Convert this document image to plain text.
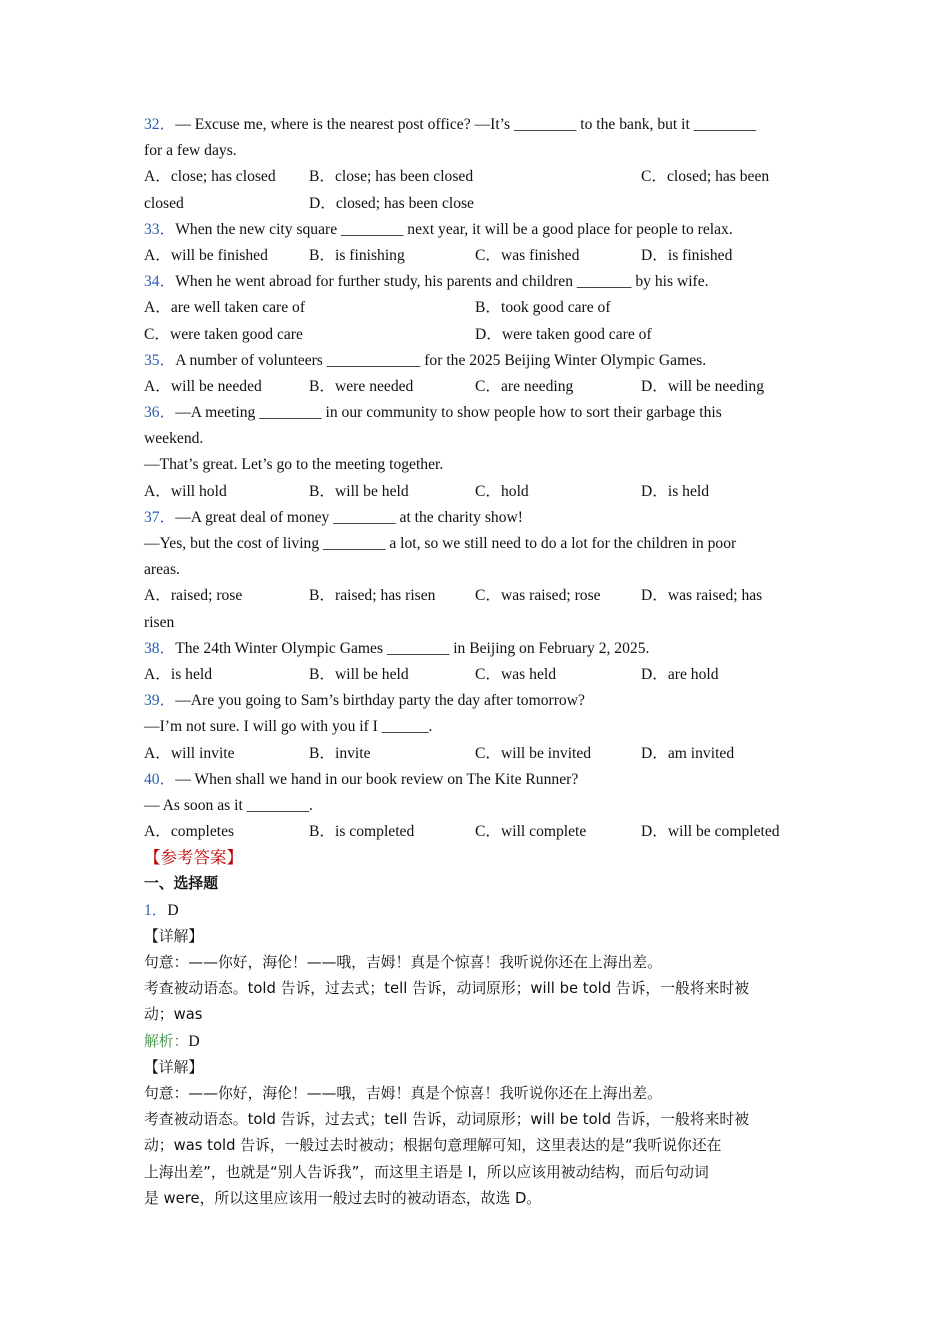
32．— Excuse me, where is the nearest post office? —It’s ________ to the bank, but it ________
for a few days.
A．close; has closed B．close; has been closed	C．closed; has been
closed	D．closed; has been close
33．When the new city square ________ next year, it will be a good place for people to relax.
A．will be finished	B．is finishing	C．was finished	D．is finished
34．When he went abroad for further study, his parents and children _______ by his wife.
A．are well taken care of	B．took good care of
C．were taken good care	D．were taken good care of
35．A number of volunteers ____________ for the 2025 Beijing Winter Olympic Games.
A．will be needed	B．were needed	C．are needing	D．will be needing
36．—A meeting ________ in our community to show people how to sort their garbage this
weekend.
—That’s great. Let’s go to the meeting together.
A．will hold	B．will be held	C．hold	D．is held
37．—A great deal of money ________ at the charity show!
—Yes, but the cost of living ________ a lot, so we still need to do a lot for the children in poor
areas.
A．raised; rose	B．raised; has risen	C．was raised; rose	D．was raised; has
risen
38．The 24th Winter Olympic Games ________ in Beijing on February 2, 2025.
A．is held	B．will be held	C．was held	D．are hold
39．—Are you going to Sam’s birthday party the day after tomorrow?
—I’m not sure. I will go with you if I ______.
A．will invite	B．invite	C．will be invited	D．am invited
40．— When shall we hand in our book review on The Kite Runner?
— As soon as it ________.
A．completes	B．is completed	C．will complete	D．will be completed
【参考答案】
一、选择题
1．D
【详解】
句意：——你好，海伦！——哦，吉姆！真是个惊喜！我听说你还在上海出差。
考查被动语态。told 告诉，过去式；tell 告诉，动词原形；will be told 告诉，一般将来时被
动；was
解析：D
【详解】
句意：——你好，海伦！——哦，吉姆！真是个惊喜！我听说你还在上海出差。
考查被动语态。told 告诉，过去式；tell 告诉，动词原形；will be told 告诉，一般将来时被
动；was told 告诉，一般过去时被动；根据句意理解可知，这里表达的是“我听说你还在
上海出差”，也就是“别人告诉我”，而这里主语是 I，所以应该用被动结构，而后句动词
是 were，所以这里应该用一般过去时的被动语态，故选 D。
